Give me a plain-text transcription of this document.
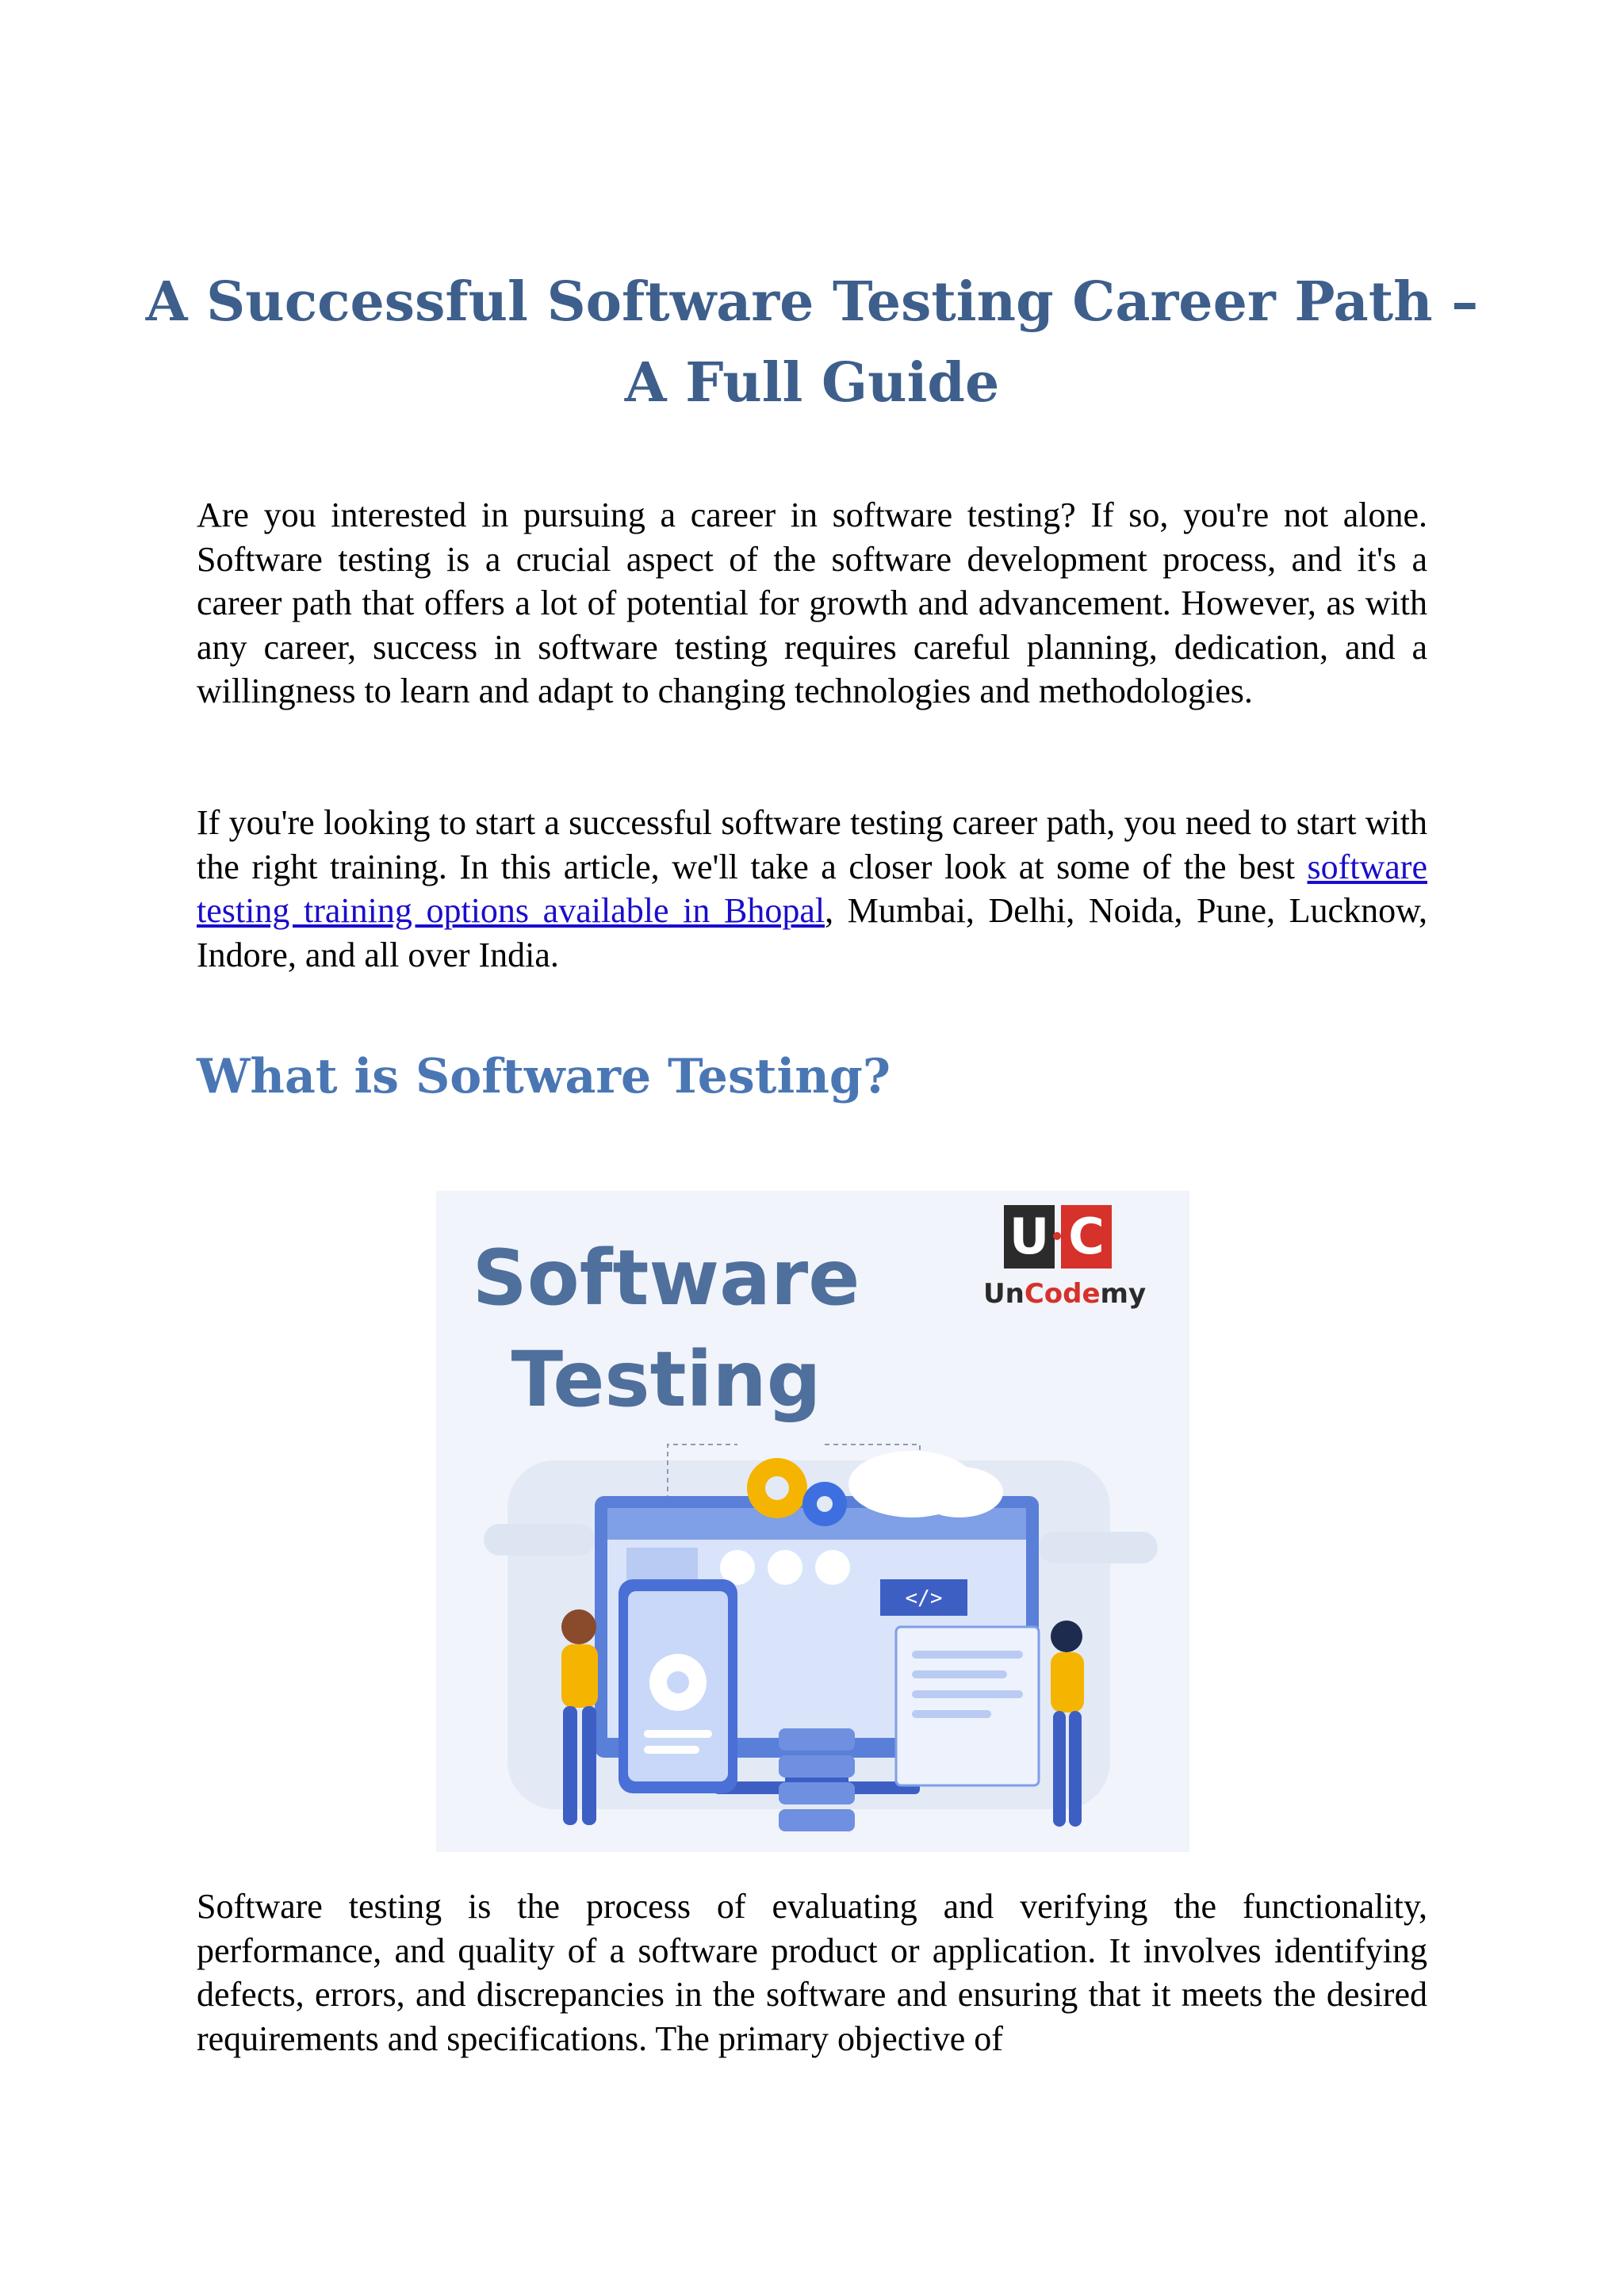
A Successful Software Testing Career Path – A Full Guide

Are you interested in pursuing a career in software testing? If so, you're not alone. Software testing is a crucial aspect of the software development process, and it's a career path that offers a lot of potential for growth and advancement. However, as with any career, success in software testing requires careful planning, dedication, and a willingness to learn and adapt to changing technologies and methodologies.

If you're looking to start a successful software testing career path, you need to start with the right training. In this article, we'll take a closer look at some of the best software testing training options available in Bhopal, Mumbai, Delhi, Noida, Pune, Lucknow, Indore, and all over India.

What is Software Testing?
Software
Testing
U C
UnCodemy
</>

Software testing is the process of evaluating and verifying the functionality, performance, and quality of a software product or application. It involves identifying defects, errors, and discrepancies in the software and ensuring that it meets the desired requirements and specifications. The primary objective of
